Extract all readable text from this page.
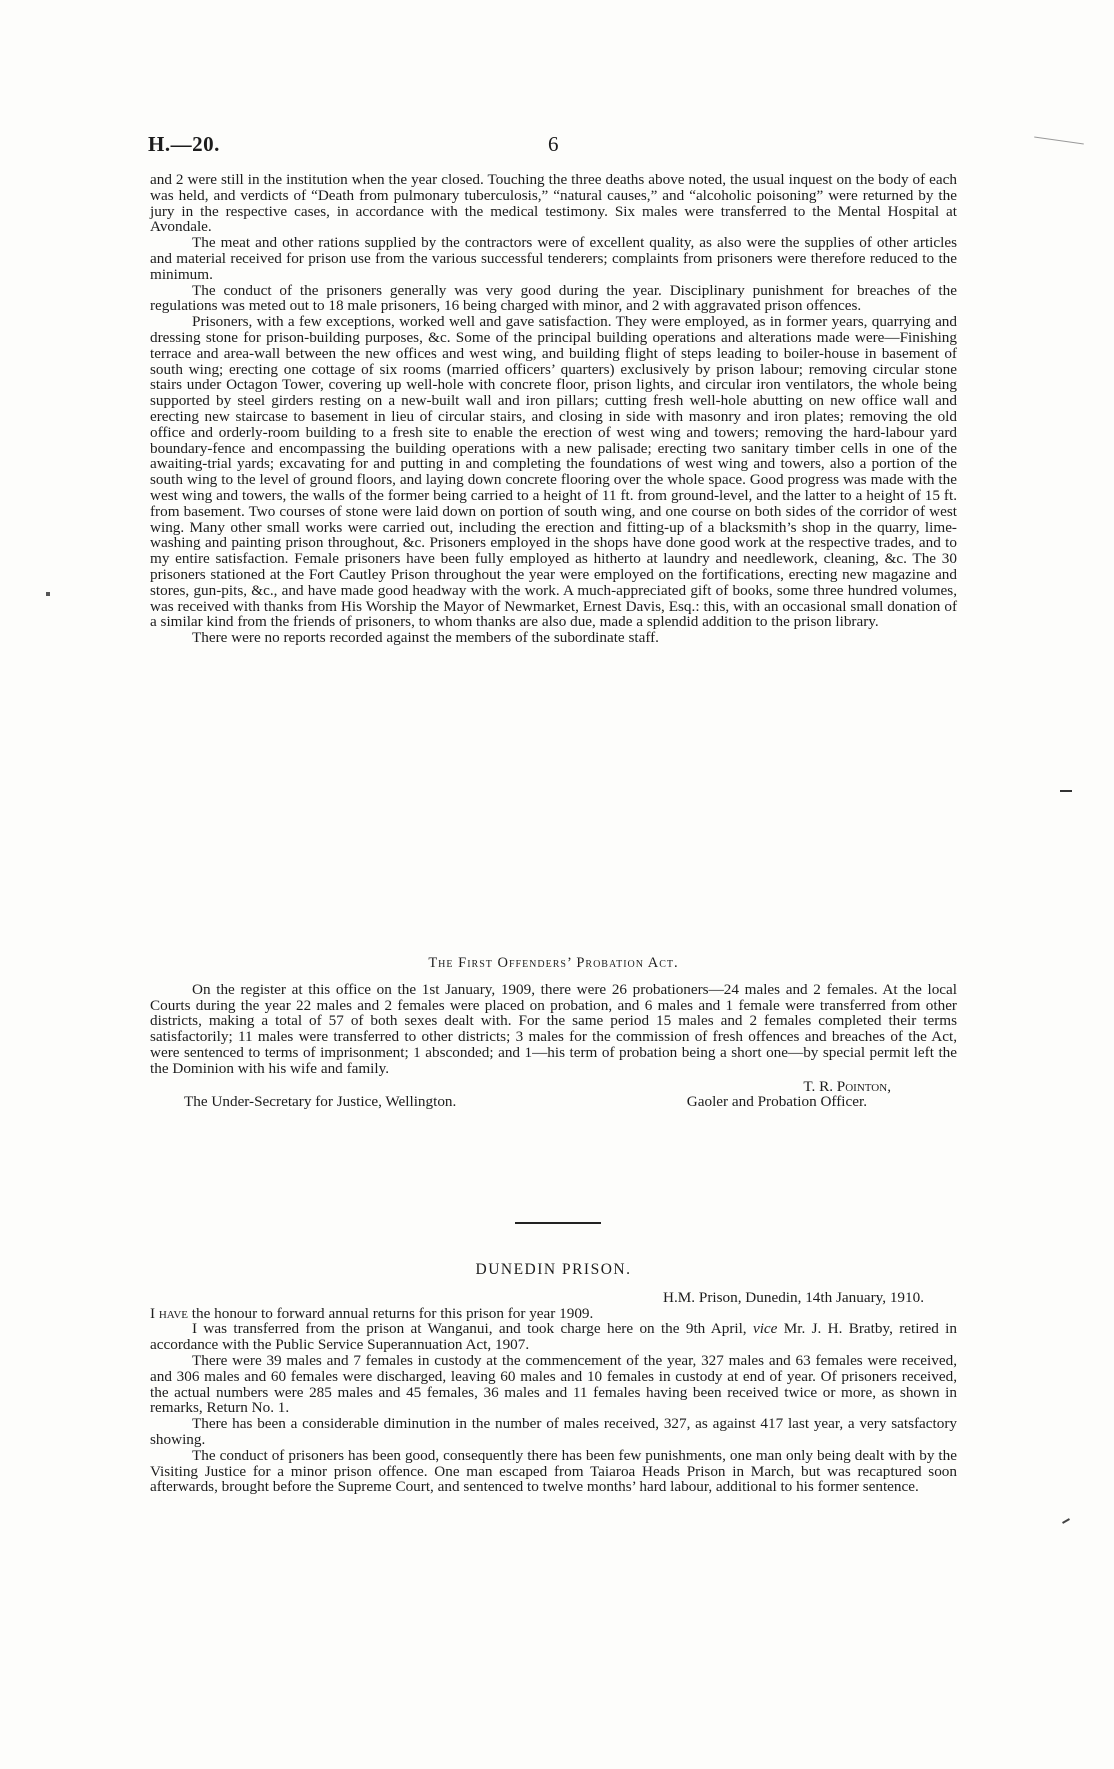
H.—20.	6

and 2 were still in the institution when the year closed. Touching the three deaths above noted, the usual inquest on the body of each was held, and verdicts of “Death from pulmonary tuberculosis,” “natural causes,” and “alcoholic poisoning” were returned by the jury in the respective cases, in accordance with the medical testimony. Six males were transferred to the Mental Hospital at Avondale.

The meat and other rations supplied by the contractors were of excellent quality, as also were the supplies of other articles and material received for prison use from the various successful tenderers; complaints from prisoners were therefore reduced to the minimum.

The conduct of the prisoners generally was very good during the year. Disciplinary punishment for breaches of the regulations was meted out to 18 male prisoners, 16 being charged with minor, and 2 with aggravated prison offences.

Prisoners, with a few exceptions, worked well and gave satisfaction. They were employed, as in former years, quarrying and dressing stone for prison-building purposes, &c. Some of the principal building operations and alterations made were—Finishing terrace and area-wall between the new offices and west wing, and building flight of steps leading to boiler-house in basement of south wing; erecting one cottage of six rooms (married officers’ quarters) exclusively by prison labour; removing circular stone stairs under Octagon Tower, covering up well-hole with concrete floor, prison lights, and circular iron ventilators, the whole being supported by steel girders resting on a new-built wall and iron pillars; cutting fresh well-hole abutting on new office wall and erecting new staircase to basement in lieu of circular stairs, and closing in side with masonry and iron plates; removing the old office and orderly-room building to a fresh site to enable the erection of west wing and towers; removing the hard-labour yard boundary-fence and encompassing the building operations with a new palisade; erecting two sanitary timber cells in one of the awaiting-trial yards; excavating for and putting in and completing the foundations of west wing and towers, also a portion of the south wing to the level of ground floors, and laying down concrete flooring over the whole space. Good progress was made with the west wing and towers, the walls of the former being carried to a height of 11 ft. from ground-level, and the latter to a height of 15 ft. from basement. Two courses of stone were laid down on portion of south wing, and one course on both sides of the corridor of west wing. Many other small works were carried out, including the erection and fitting-up of a blacksmith’s shop in the quarry, lime-washing and painting prison throughout, &c. Prisoners employed in the shops have done good work at the respective trades, and to my entire satisfaction. Female prisoners have been fully employed as hitherto at laundry and needlework, cleaning, &c. The 30 prisoners stationed at the Fort Cautley Prison throughout the year were employed on the fortifications, erecting new magazine and stores, gun-pits, &c., and have made good headway with the work. A much-appreciated gift of books, some three hundred volumes, was received with thanks from His Worship the Mayor of Newmarket, Ernest Davis, Esq.: this, with an occasional small donation of a similar kind from the friends of prisoners, to whom thanks are also due, made a splendid addition to the prison library.

There were no reports recorded against the members of the subordinate staff.

The First Offenders’ Probation Act.

On the register at this office on the 1st January, 1909, there were 26 probationers—24 males and 2 females. At the local Courts during the year 22 males and 2 females were placed on probation, and 6 males and 1 female were transferred from other districts, making a total of 57 of both sexes dealt with. For the same period 15 males and 2 females completed their terms satisfactorily; 11 males were transferred to other districts; 3 males for the commission of fresh offences and breaches of the Act, were sentenced to terms of imprisonment; 1 absconded; and 1—his term of probation being a short one—by special permit left the the Dominion with his wife and family.

T. R. Pointon,

The Under-Secretary for Justice, Wellington.	Gaoler and Probation Officer.

DUNEDIN PRISON.

H.M. Prison, Dunedin, 14th January, 1910.

I have the honour to forward annual returns for this prison for year 1909.

I was transferred from the prison at Wanganui, and took charge here on the 9th April, vice Mr. J. H. Bratby, retired in accordance with the Public Service Superannuation Act, 1907.

There were 39 males and 7 females in custody at the commencement of the year, 327 males and 63 females were received, and 306 males and 60 females were discharged, leaving 60 males and 10 females in custody at end of year. Of prisoners received, the actual numbers were 285 males and 45 females, 36 males and 11 females having been received twice or more, as shown in remarks, Return No. 1.

There has been a considerable diminution in the number of males received, 327, as against 417 last year, a very satsfactory showing.

The conduct of prisoners has been good, consequently there has been few punishments, one man only being dealt with by the Visiting Justice for a minor prison offence. One man escaped from Taiaroa Heads Prison in March, but was recaptured soon afterwards, brought before the Supreme Court, and sentenced to twelve months’ hard labour, additional to his former sentence.
